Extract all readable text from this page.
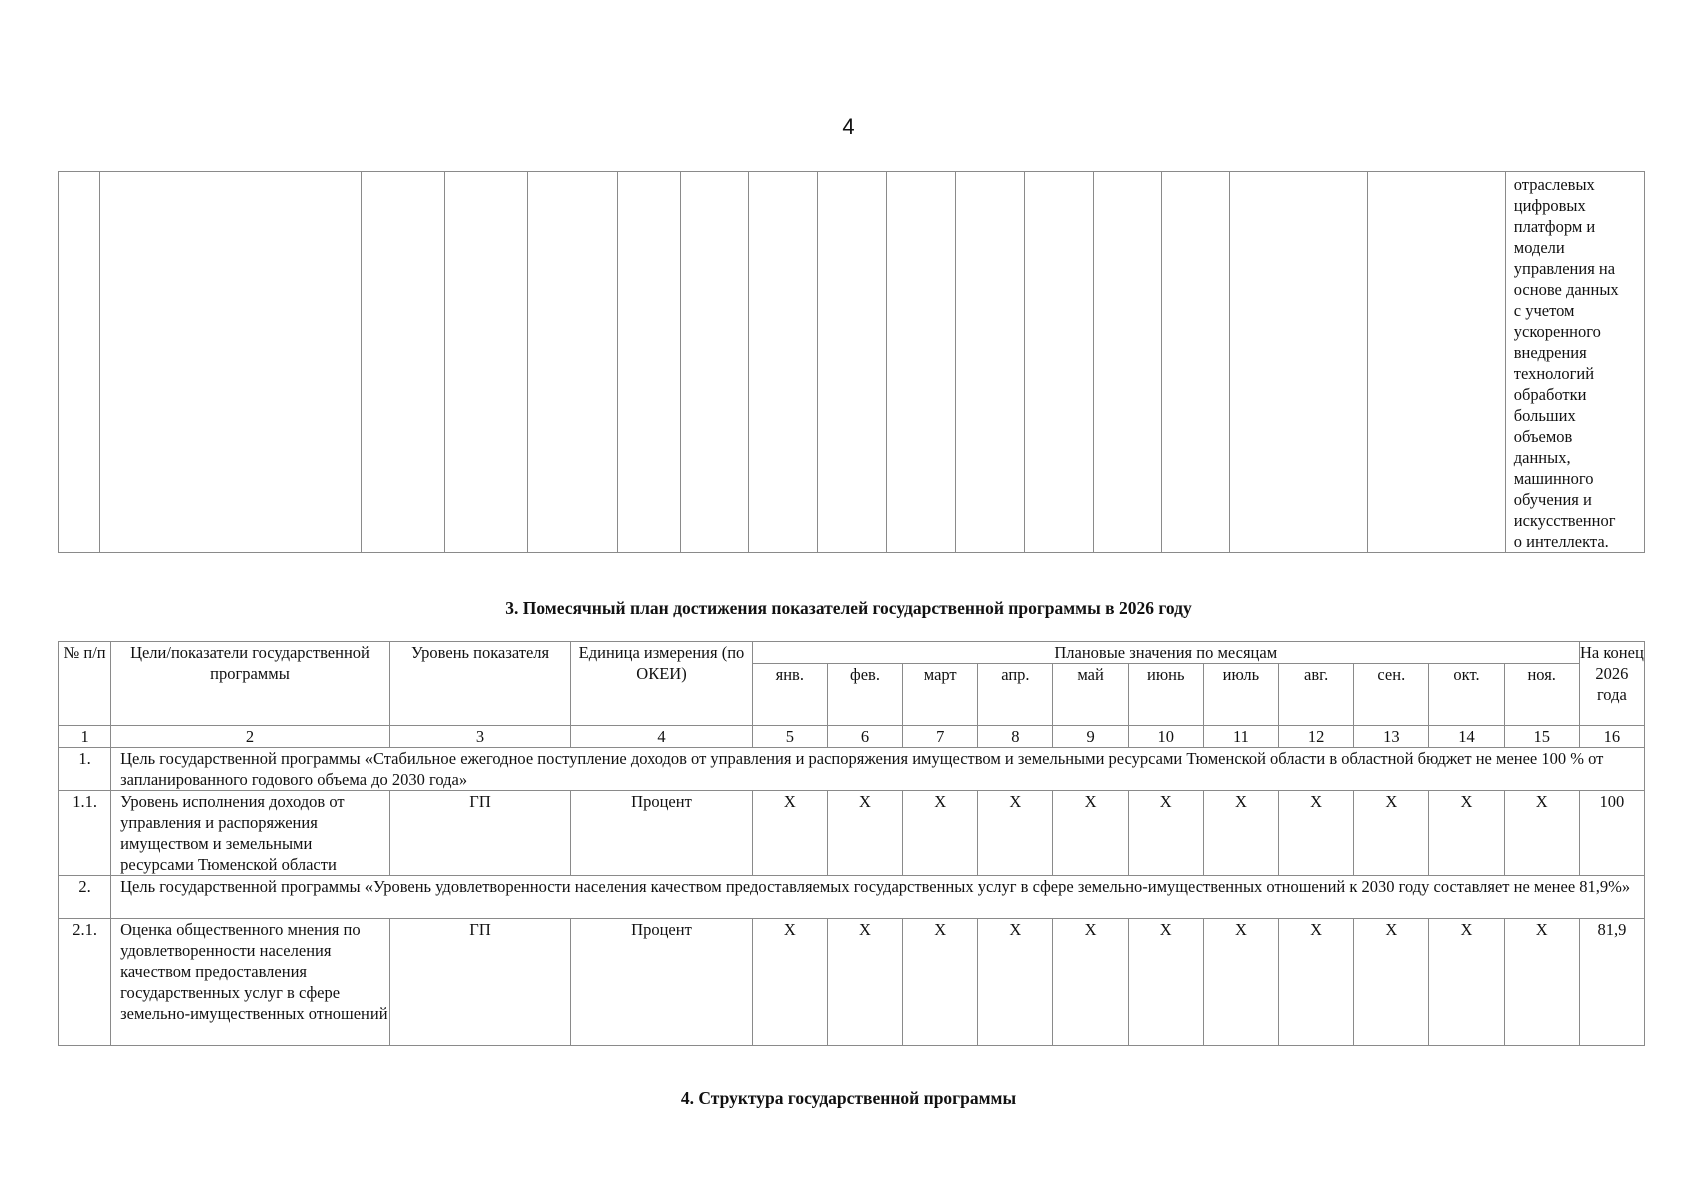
4

отраслевых
цифровых
платформ и
модели
управления на
основе данных
с учетом
ускоренного
внедрения
технологий
обработки
больших
объемов
данных,
машинного
обучения и
искусственног
о интеллекта.
3. Помесячный план достижения показателей государственной программы в 2026 году
№ п/п	Цели/показатели государственной программы	Уровень показателя	Единица измерения (по ОКЕИ)	Плановые значения по месяцам											На конец 2026 года
				янв.	фев.	март	апр.	май	июнь	июль	авг.	сен.	окт.	ноя.	
1	2	3	4	5	6	7	8	9	10	11	12	13	14	15	16
1.	Цель государственной программы «Стабильное ежегодное поступление доходов от управления и распоряжения имуществом и земельными ресурсами Тюменской области в областной бюджет не менее 100 % от запланированного годового объема до 2030 года»														
1.1.	Уровень исполнения доходов от управления и распоряжения имуществом и земельными ресурсами Тюменской области	ГП	Процент	X	X	X	X	X	X	X	X	X	X	X	100
2.	Цель государственной программы «Уровень удовлетворенности населения качеством предоставляемых государственных услуг в сфере земельно-имущественных отношений к 2030 году составляет не менее 81,9%»														
2.1.	Оценка общественного мнения по удовлетворенности населения качеством предоставления государственных услуг в сфере земельно-имущественных отношений	ГП	Процент	X	X	X	X	X	X	X	X	X	X	X	81,9
4. Структура государственной программы
